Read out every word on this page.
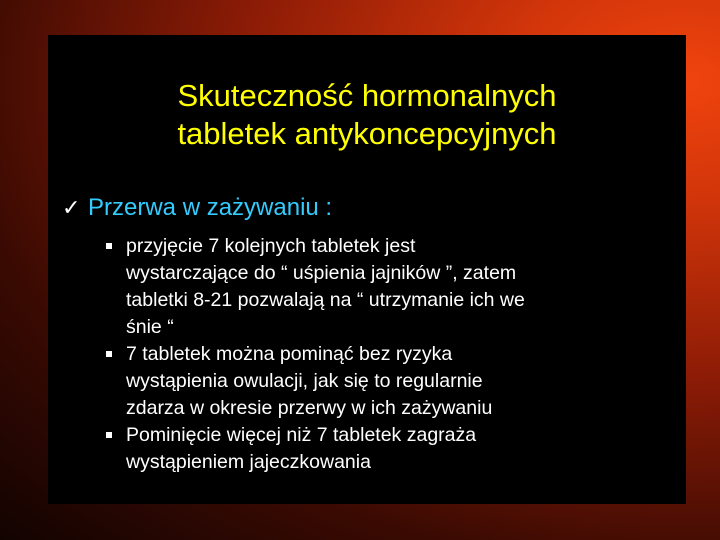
Skuteczność hormonalnych
tabletek antykoncepcyjnych
✓ Przerwa w zażywaniu :
przyjęcie 7 kolejnych tabletek jest
wystarczające do “ uśpienia jajników ”, zatem
tabletki 8-21 pozwalają na “ utrzymanie ich we
śnie “
7 tabletek można pominąć bez ryzyka
wystąpienia owulacji, jak się to regularnie
zdarza w okresie przerwy w ich zażywaniu
Pominięcie więcej niż 7 tabletek zagraża
wystąpieniem jajeczkowania
